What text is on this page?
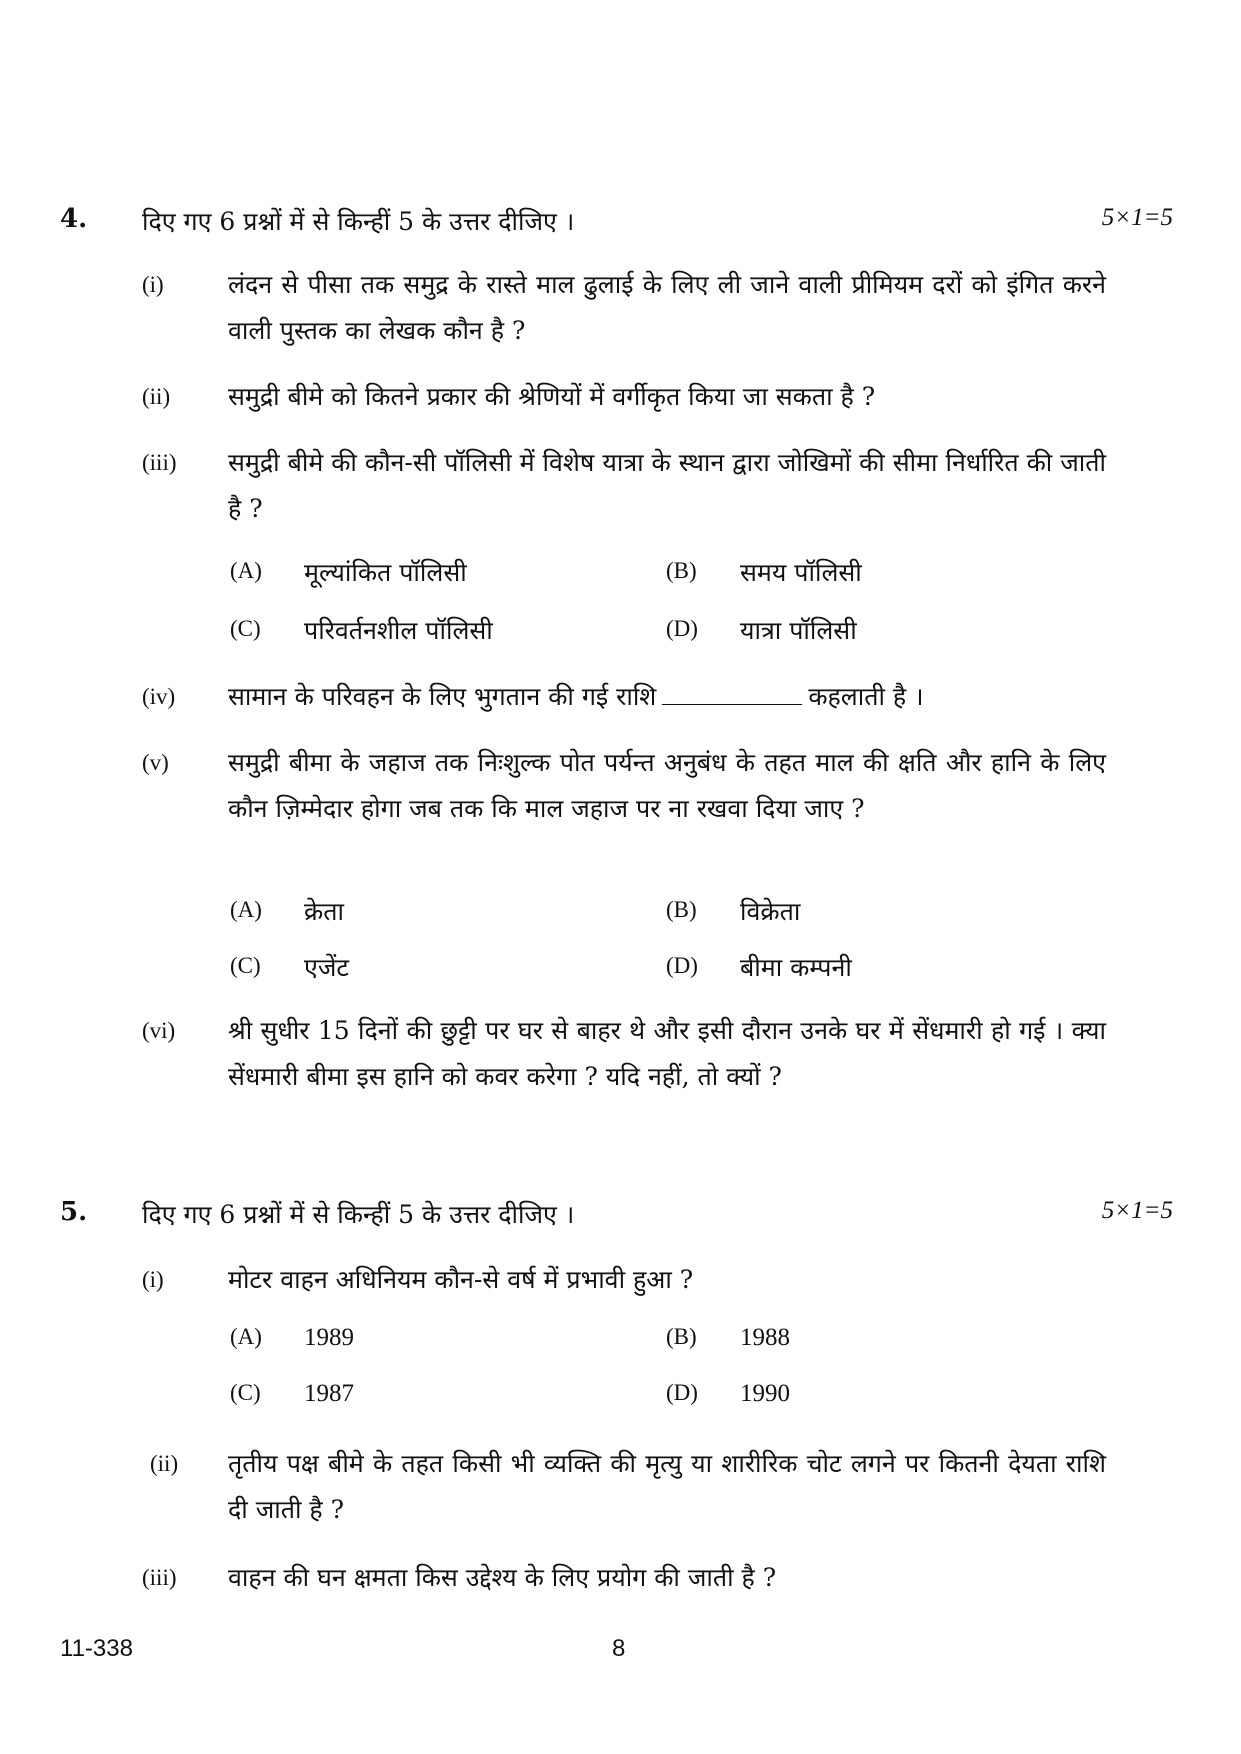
4. दिए गए 6 प्रश्नों में से किन्हीं 5 के उत्तर दीजिए ।	5×1=5
(i)	लंदन से पीसा तक समुद्र के रास्ते माल ढुलाई के लिए ली जाने वाली प्रीमियम दरों को इंगित करने वाली पुस्तक का लेखक कौन है ?
(ii) समुद्री बीमे को कितने प्रकार की श्रेणियों में वर्गीकृत किया जा सकता है ?
(iii) समुद्री बीमे की कौन-सी पॉलिसी में विशेष यात्रा के स्थान द्वारा जोखिमों की सीमा निर्धारित की जाती है ?
(A) मूल्यांकित पॉलिसी	(B) समय पॉलिसी
(C) परिवर्तनशील पॉलिसी	(D) यात्रा पॉलिसी
(iv) सामान के परिवहन के लिए भुगतान की गई राशि	कहलाती है ।
(v) समुद्री बीमा के जहाज तक निःशुल्क पोत पर्यन्त अनुबंध के तहत माल की क्षति और हानि के लिए कौन ज़िम्मेदार होगा जब तक कि माल जहाज पर ना रखवा दिया जाए ?
(A) क्रेता	(B) विक्रेता
(C) एजेंट	(D) बीमा कम्पनी
(vi) श्री सुधीर 15 दिनों की छुट्टी पर घर से बाहर थे और इसी दौरान उनके घर में सेंधमारी हो गई । क्या सेंधमारी बीमा इस हानि को कवर करेगा ? यदि नहीं, तो क्यों ?
5. दिए गए 6 प्रश्नों में से किन्हीं 5 के उत्तर दीजिए ।	5×1=5
(i)	मोटर वाहन अधिनियम कौन-से वर्ष में प्रभावी हुआ ?
(A) 1989	(B) 1988
(C) 1987	(D) 1990
(ii) तृतीय पक्ष बीमे के तहत किसी भी व्यक्ति की मृत्यु या शारीरिक चोट लगने पर कितनी देयता राशि दी जाती है ?
(iii) वाहन की घन क्षमता किस उद्देश्य के लिए प्रयोग की जाती है ?
11-338	8
